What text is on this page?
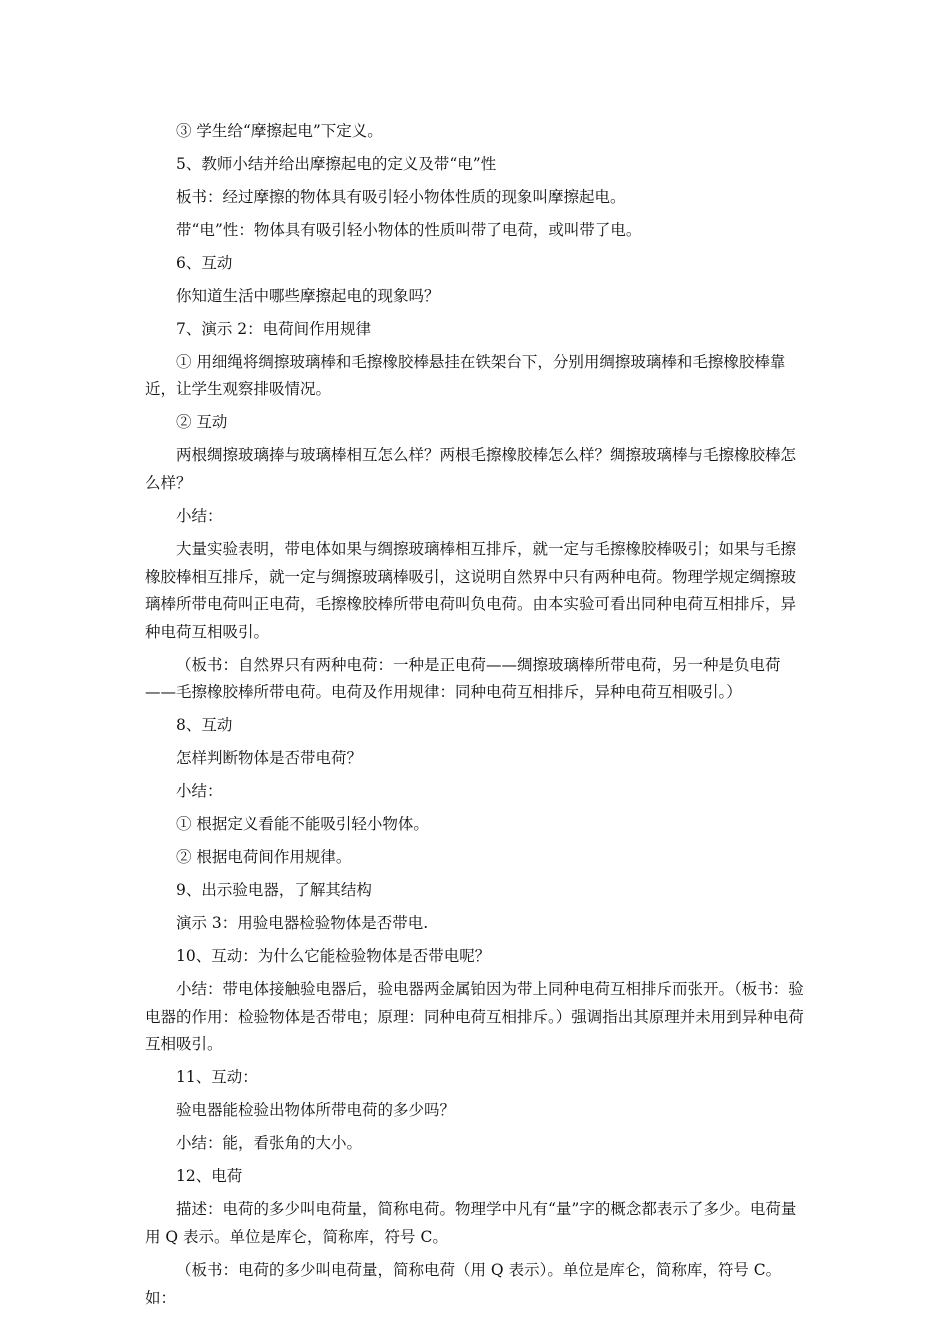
③ 学生给“摩擦起电”下定义。

5、教师小结并给出摩擦起电的定义及带“电”性

板书：经过摩擦的物体具有吸引轻小物体性质的现象叫摩擦起电。

带“电”性：物体具有吸引轻小物体的性质叫带了电荷，或叫带了电。

6、互动

你知道生活中哪些摩擦起电的现象吗？

7、演示 2：电荷间作用规律

① 用细绳将绸擦玻璃棒和毛擦橡胶棒悬挂在铁架台下，分别用绸擦玻璃棒和毛擦橡胶棒靠近，让学生观察排吸情况。

② 互动

两根绸擦玻璃捧与玻璃棒相互怎么样？两根毛擦橡胶棒怎么样？绸擦玻璃棒与毛擦橡胶棒怎么样？

小结：

大量实验表明，带电体如果与绸擦玻璃棒相互排斥，就一定与毛擦橡胶棒吸引；如果与毛擦橡胶棒相互排斥，就一定与绸擦玻璃棒吸引，这说明自然界中只有两种电荷。物理学规定绸擦玻璃棒所带电荷叫正电荷，毛擦橡胶棒所带电荷叫负电荷。由本实验可看出同种电荷互相排斥，异种电荷互相吸引。

（板书：自然界只有两种电荷：一种是正电荷——绸擦玻璃棒所带电荷，另一种是负电荷——毛擦橡胶棒所带电荷。电荷及作用规律：同种电荷互相排斥，异种电荷互相吸引。）

8、互动

怎样判断物体是否带电荷？

小结：

① 根据定义看能不能吸引轻小物体。

② 根据电荷间作用规律。

9、出示验电器，了解其结构

演示 3：用验电器检验物体是否带电.

10、互动：为什么它能检验物体是否带电呢？

小结：带电体接触验电器后，验电器两金属铂因为带上同种电荷互相排斥而张开。（板书：验电器的作用：检验物体是否带电；原理：同种电荷互相排斥。）强调指出其原理并未用到异种电荷互相吸引。

11、互动：

验电器能检验出物体所带电荷的多少吗？

小结：能，看张角的大小。

12、电荷

描述：电荷的多少叫电荷量，简称电荷。物理学中凡有“量”字的概念都表示了多少。电荷量用 Q 表示。单位是库仑，简称库，符号 C。

（板书：电荷的多少叫电荷量，简称电荷（用 Q 表示）。单位是库仑，简称库，符号 C。如：
